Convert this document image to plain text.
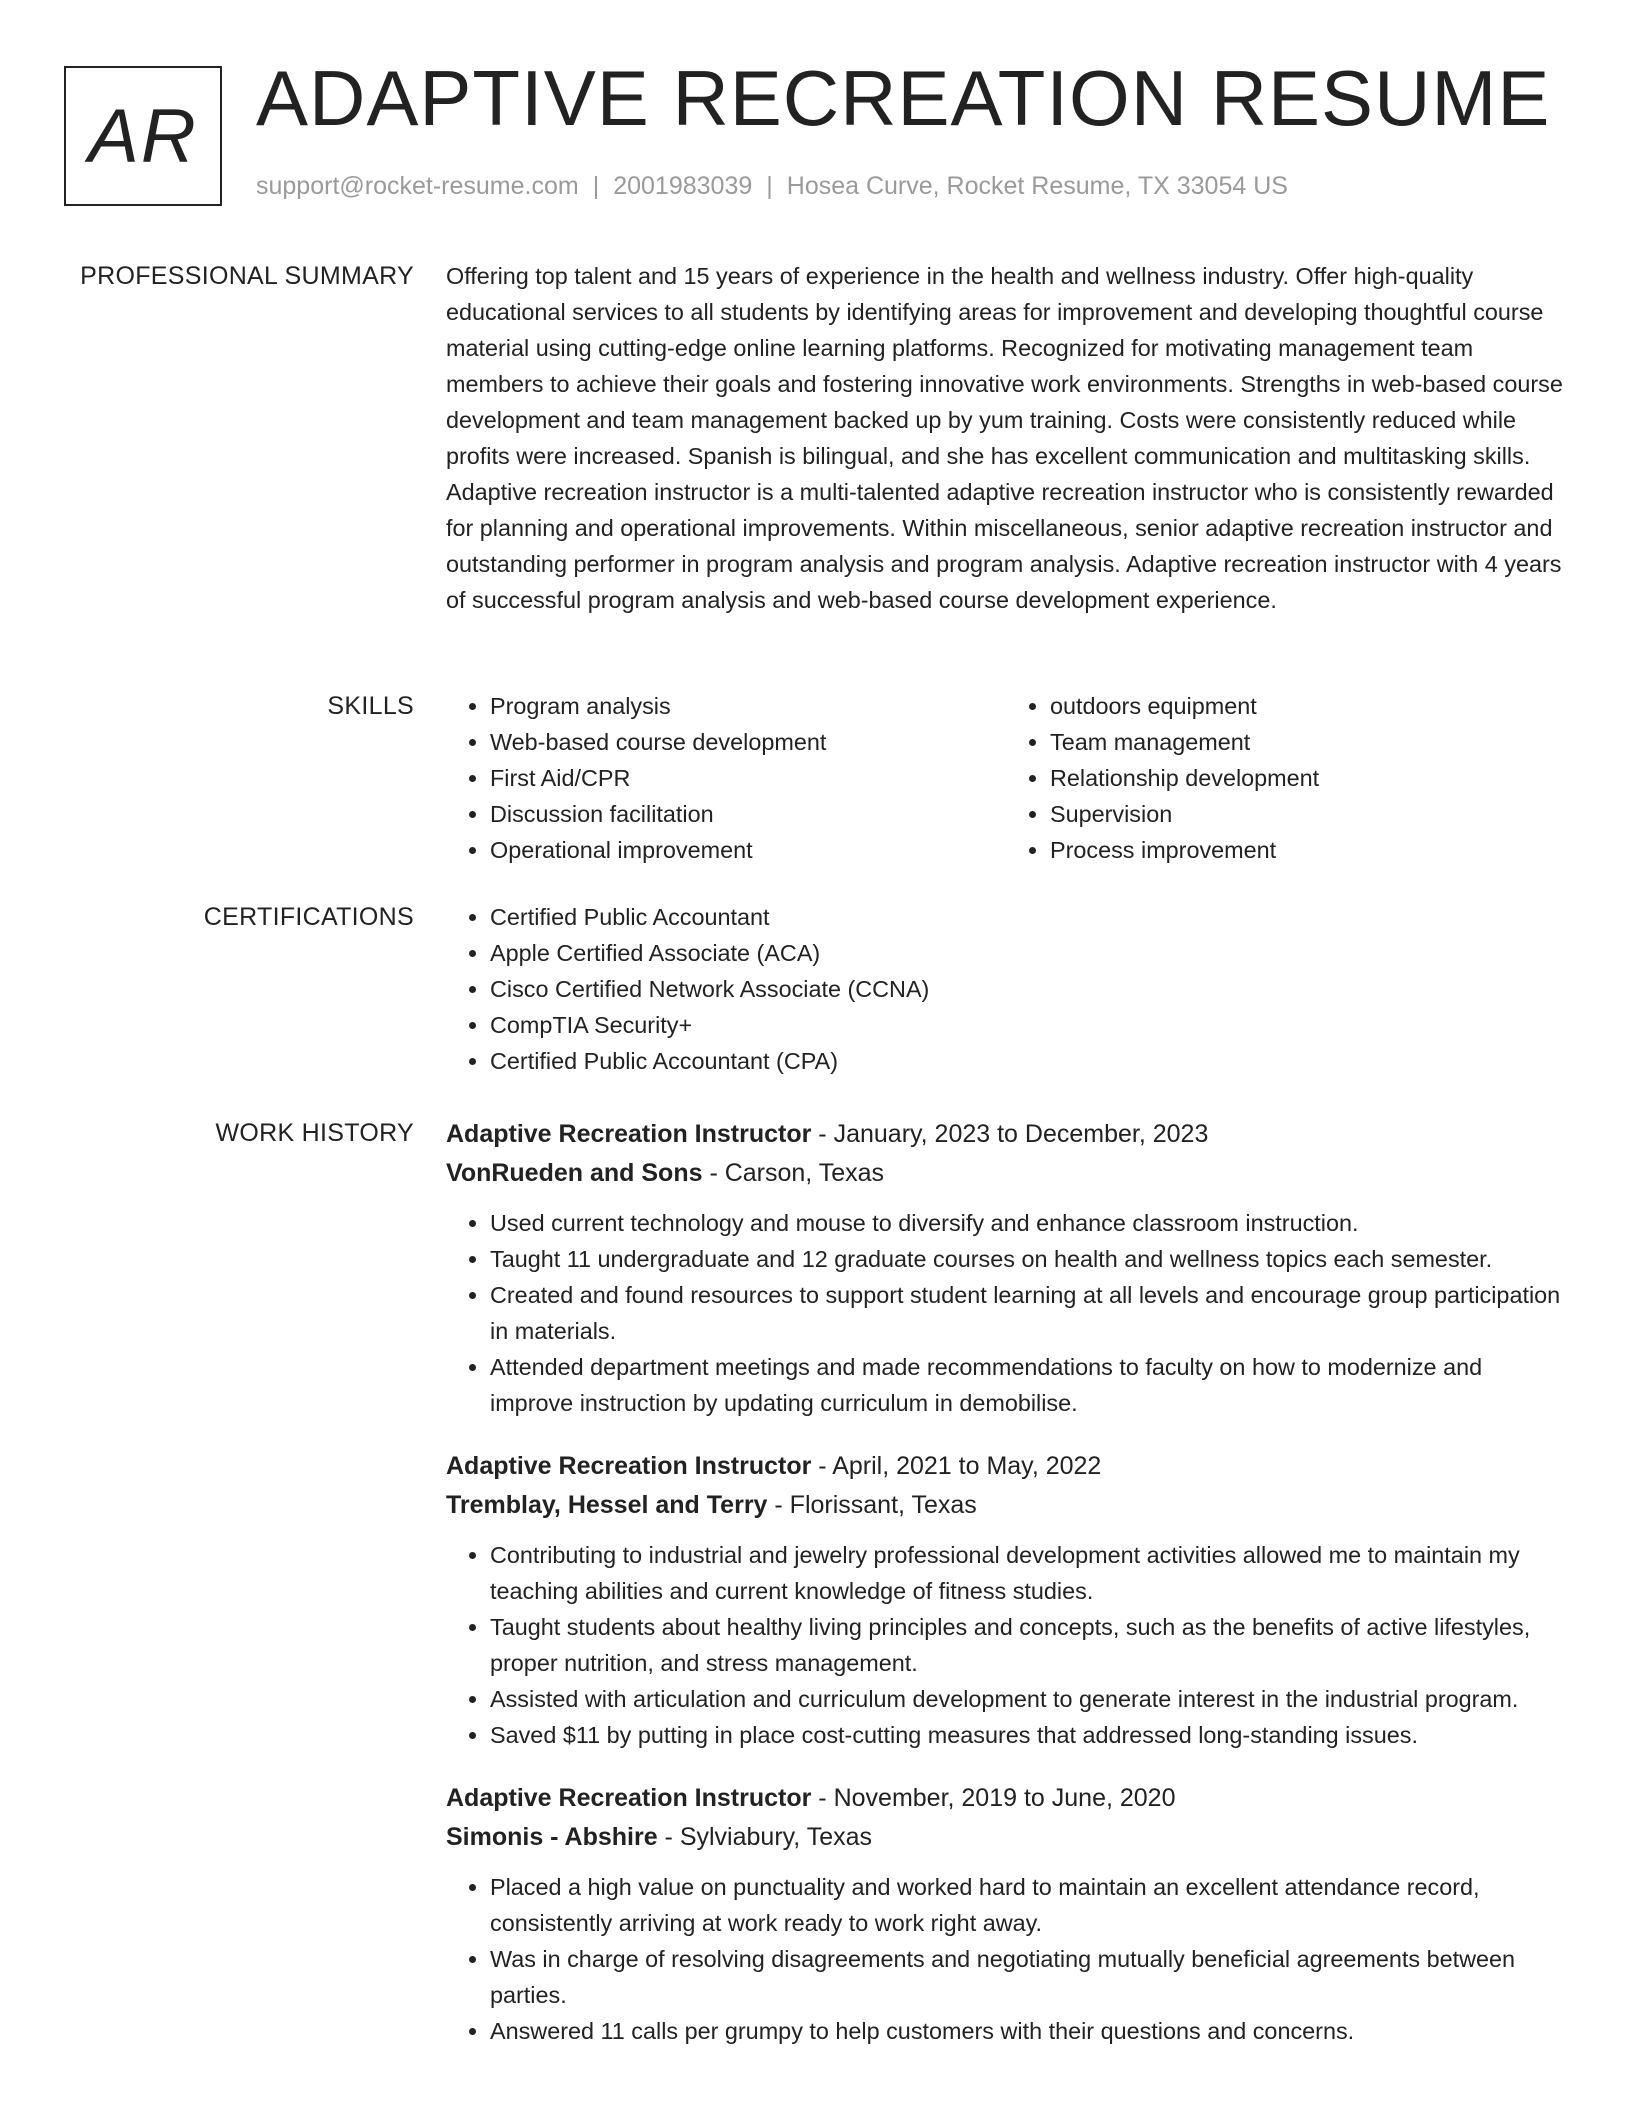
AR ADAPTIVE RECREATION RESUME
support@rocket-resume.com | 2001983039 | Hosea Curve, Rocket Resume, TX 33054 US
PROFESSIONAL SUMMARY Offering top talent and 15 years of experience in the health and wellness industry. Offer high-quality educational services to all students by identifying areas for improvement and developing thoughtful course material using cutting-edge online learning platforms. Recognized for motivating management team members to achieve their goals and fostering innovative work environments. Strengths in web-based course development and team management backed up by yum training. Costs were consistently reduced while profits were increased. Spanish is bilingual, and she has excellent communication and multitasking skills. Adaptive recreation instructor is a multi-talented adaptive recreation instructor who is consistently rewarded for planning and operational improvements. Within miscellaneous, senior adaptive recreation instructor and outstanding performer in program analysis and program analysis. Adaptive recreation instructor with 4 years of successful program analysis and web-based course development experience.

SKILLS	• Program analysis
• Web-based course development
• First Aid/CPR
• Discussion facilitation
• Operational improvement
• outdoors equipment
• Team management
• Relationship development
• Supervision
• Process improvement
CERTIFICATIONS	• Certified Public Accountant
• Apple Certified Associate (ACA)
• Cisco Certified Network Associate (CCNA)
• CompTIA Security+
• Certified Public Accountant (CPA)
WORK HISTORY Adaptive Recreation Instructor - January, 2023 to December, 2023
VonRueden and Sons - Carson, Texas
• Used current technology and mouse to diversify and enhance classroom instruction.
• Taught 11 undergraduate and 12 graduate courses on health and wellness topics each semester.
• Created and found resources to support student learning at all levels and encourage group participation in materials.
• Attended department meetings and made recommendations to faculty on how to modernize and improve instruction by updating curriculum in demobilise.
Adaptive Recreation Instructor - April, 2021 to May, 2022
Tremblay, Hessel and Terry - Florissant, Texas
• Contributing to industrial and jewelry professional development activities allowed me to maintain my teaching abilities and current knowledge of fitness studies.
• Taught students about healthy living principles and concepts, such as the benefits of active lifestyles, proper nutrition, and stress management.
• Assisted with articulation and curriculum development to generate interest in the industrial program.
• Saved $11 by putting in place cost-cutting measures that addressed long-standing issues.
Adaptive Recreation Instructor - November, 2019 to June, 2020
Simonis - Abshire - Sylviabury, Texas
• Placed a high value on punctuality and worked hard to maintain an excellent attendance record, consistently arriving at work ready to work right away.
• Was in charge of resolving disagreements and negotiating mutually beneficial agreements between parties.
• Answered 11 calls per grumpy to help customers with their questions and concerns.
